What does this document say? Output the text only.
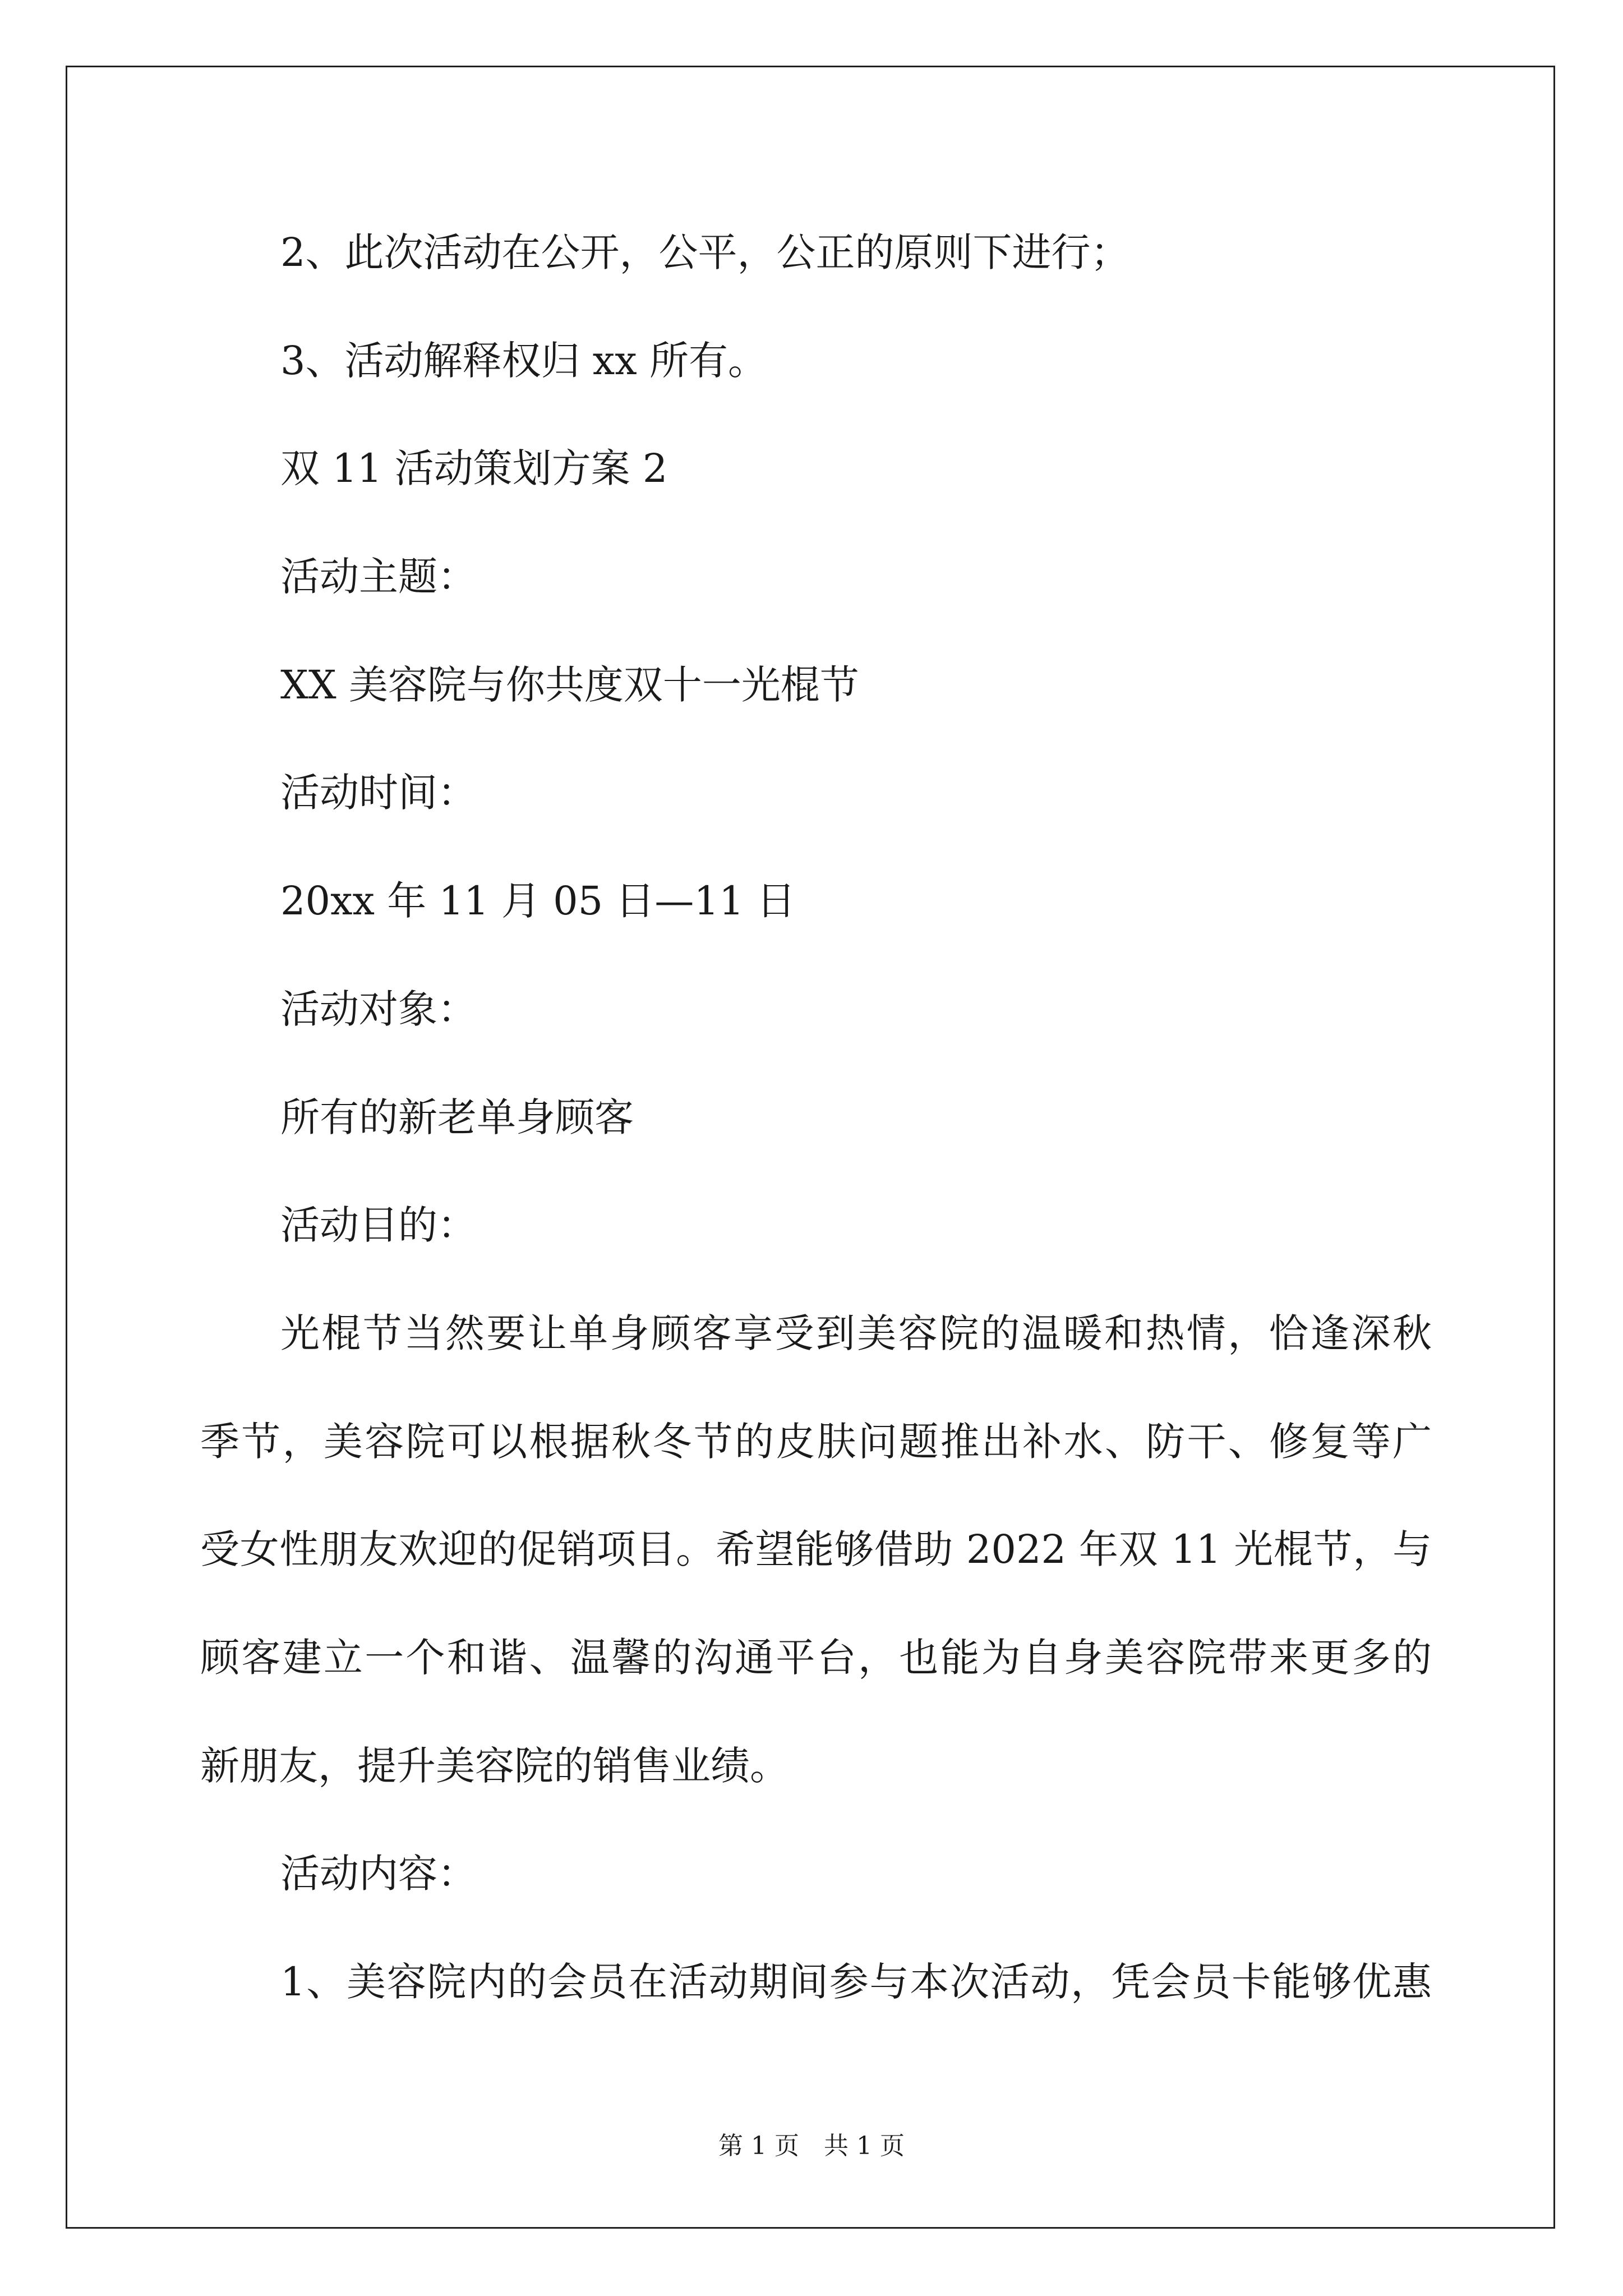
2、此次活动在公开，公平，公正的原则下进行；
3、活动解释权归 xx 所有。
双 11 活动策划方案 2
活动主题：
XX 美容院与你共度双十一光棍节
活动时间：
20xx 年 11 月 05 日—11 日
活动对象：
所有的新老单身顾客
活动目的：
光棍节当然要让单身顾客享受到美容院的温暖和热情，恰逢深秋
季节，美容院可以根据秋冬节的皮肤问题推出补水、防干、修复等广
受女性朋友欢迎的促销项目。希望能够借助 2022 年双 11 光棍节，与
顾客建立一个和谐、温馨的沟通平台，也能为自身美容院带来更多的
新朋友，提升美容院的销售业绩。
活动内容：
1、美容院内的会员在活动期间参与本次活动，凭会员卡能够优惠
第 1 页　共 1 页
